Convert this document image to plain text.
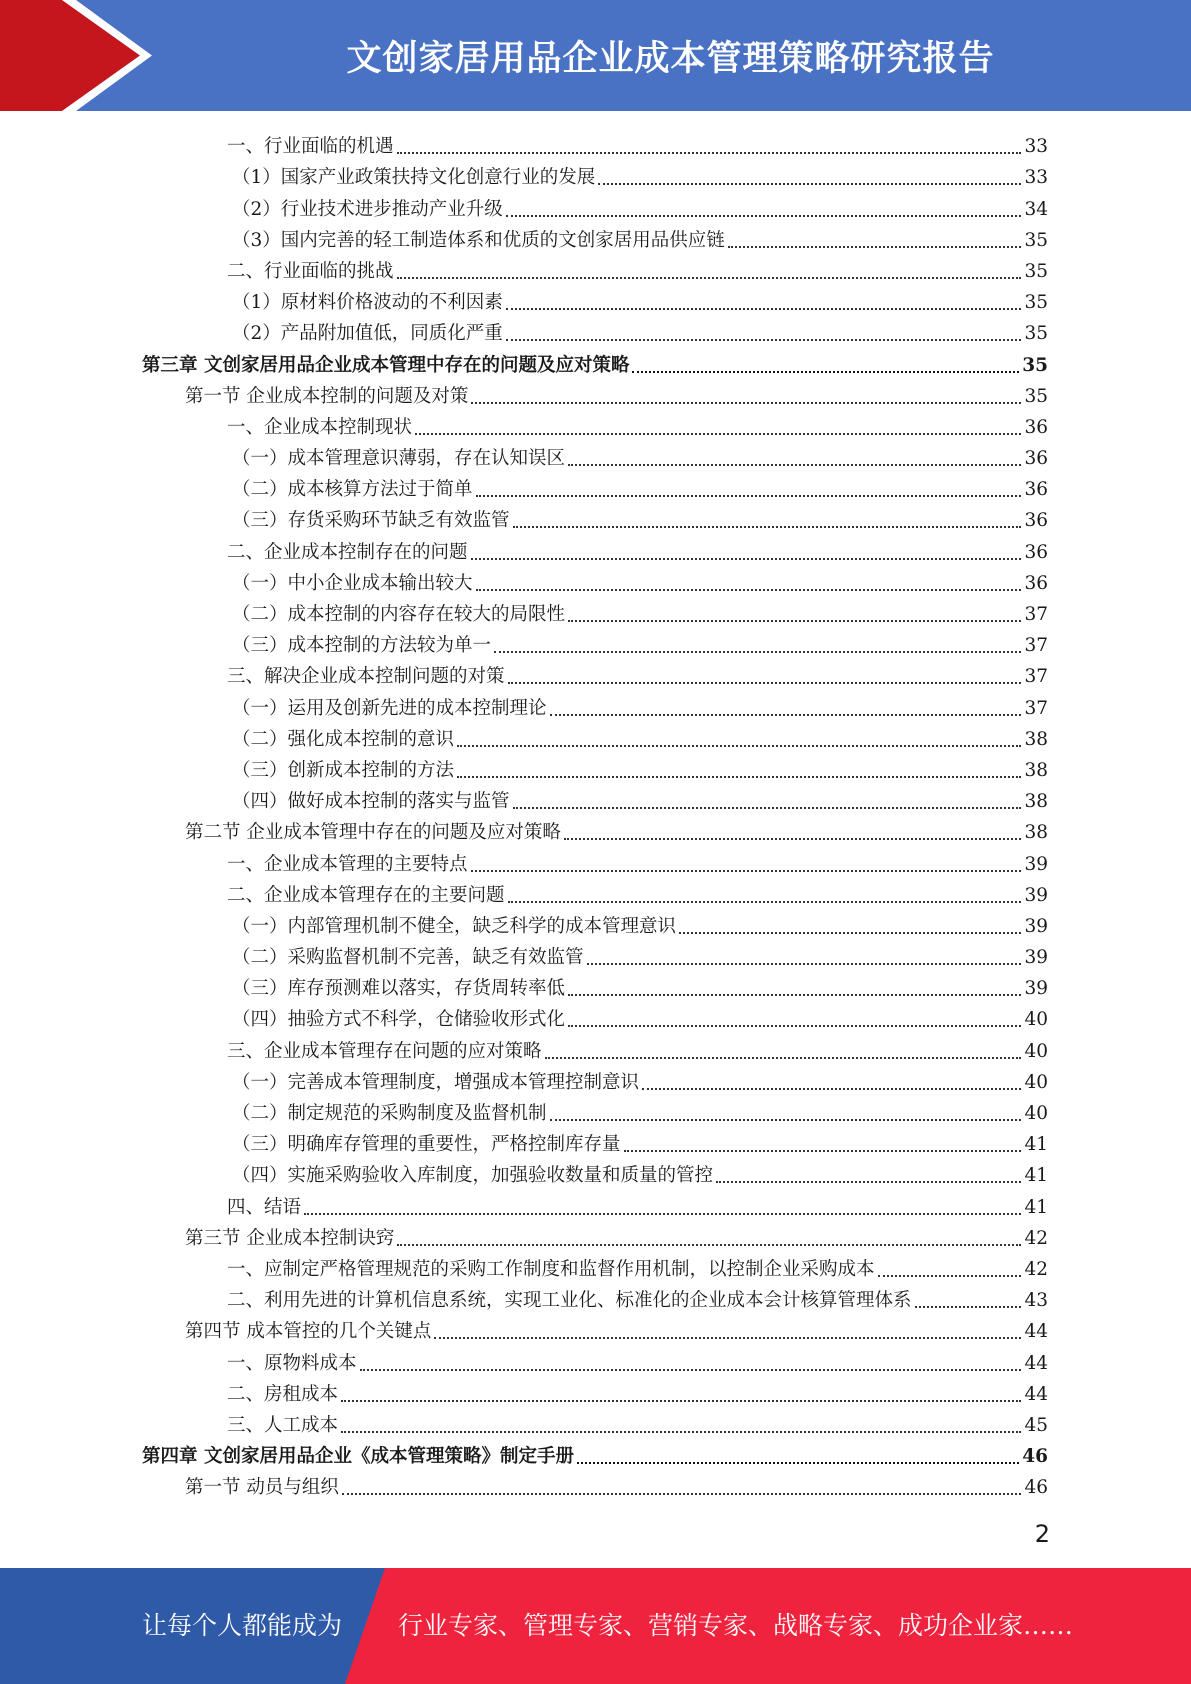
文创家居用品企业成本管理策略研究报告
一、行业面临的机遇	33
（1）国家产业政策扶持文化创意行业的发展	33
（2）行业技术进步推动产业升级	34
（3）国内完善的轻工制造体系和优质的文创家居用品供应链	35
二、行业面临的挑战	35
（1）原材料价格波动的不利因素	35
（2）产品附加值低，同质化严重	35
第三章 文创家居用品企业成本管理中存在的问题及应对策略	35
第一节 企业成本控制的问题及对策	35
一、企业成本控制现状	36
（一）成本管理意识薄弱，存在认知误区	36
（二）成本核算方法过于简单	36
（三）存货采购环节缺乏有效监管	36
二、企业成本控制存在的问题	36
（一）中小企业成本输出较大	36
（二）成本控制的内容存在较大的局限性	37
（三）成本控制的方法较为单一	37
三、解决企业成本控制问题的对策	37
（一）运用及创新先进的成本控制理论	37
（二）强化成本控制的意识	38
（三）创新成本控制的方法	38
（四）做好成本控制的落实与监管	38
第二节 企业成本管理中存在的问题及应对策略	38
一、企业成本管理的主要特点	39
二、企业成本管理存在的主要问题	39
（一）内部管理机制不健全，缺乏科学的成本管理意识	39
（二）采购监督机制不完善，缺乏有效监管	39
（三）库存预测难以落实，存货周转率低	39
（四）抽验方式不科学，仓储验收形式化	40
三、企业成本管理存在问题的应对策略	40
（一）完善成本管理制度，增强成本管理控制意识	40
（二）制定规范的采购制度及监督机制	40
（三）明确库存管理的重要性，严格控制库存量	41
（四）实施采购验收入库制度，加强验收数量和质量的管控	41
四、结语	41
第三节 企业成本控制诀窍	42
一、应制定严格管理规范的采购工作制度和监督作用机制，以控制企业采购成本	42
二、利用先进的计算机信息系统，实现工业化、标准化的企业成本会计核算管理体系	43
第四节 成本管控的几个关键点	44
一、原物料成本	44
二、房租成本	44
三、人工成本	45
第四章 文创家居用品企业《成本管理策略》制定手册	46
第一节 动员与组织	46
2
让每个人都能成为 行业专家、管理专家、营销专家、战略专家、成功企业家……
